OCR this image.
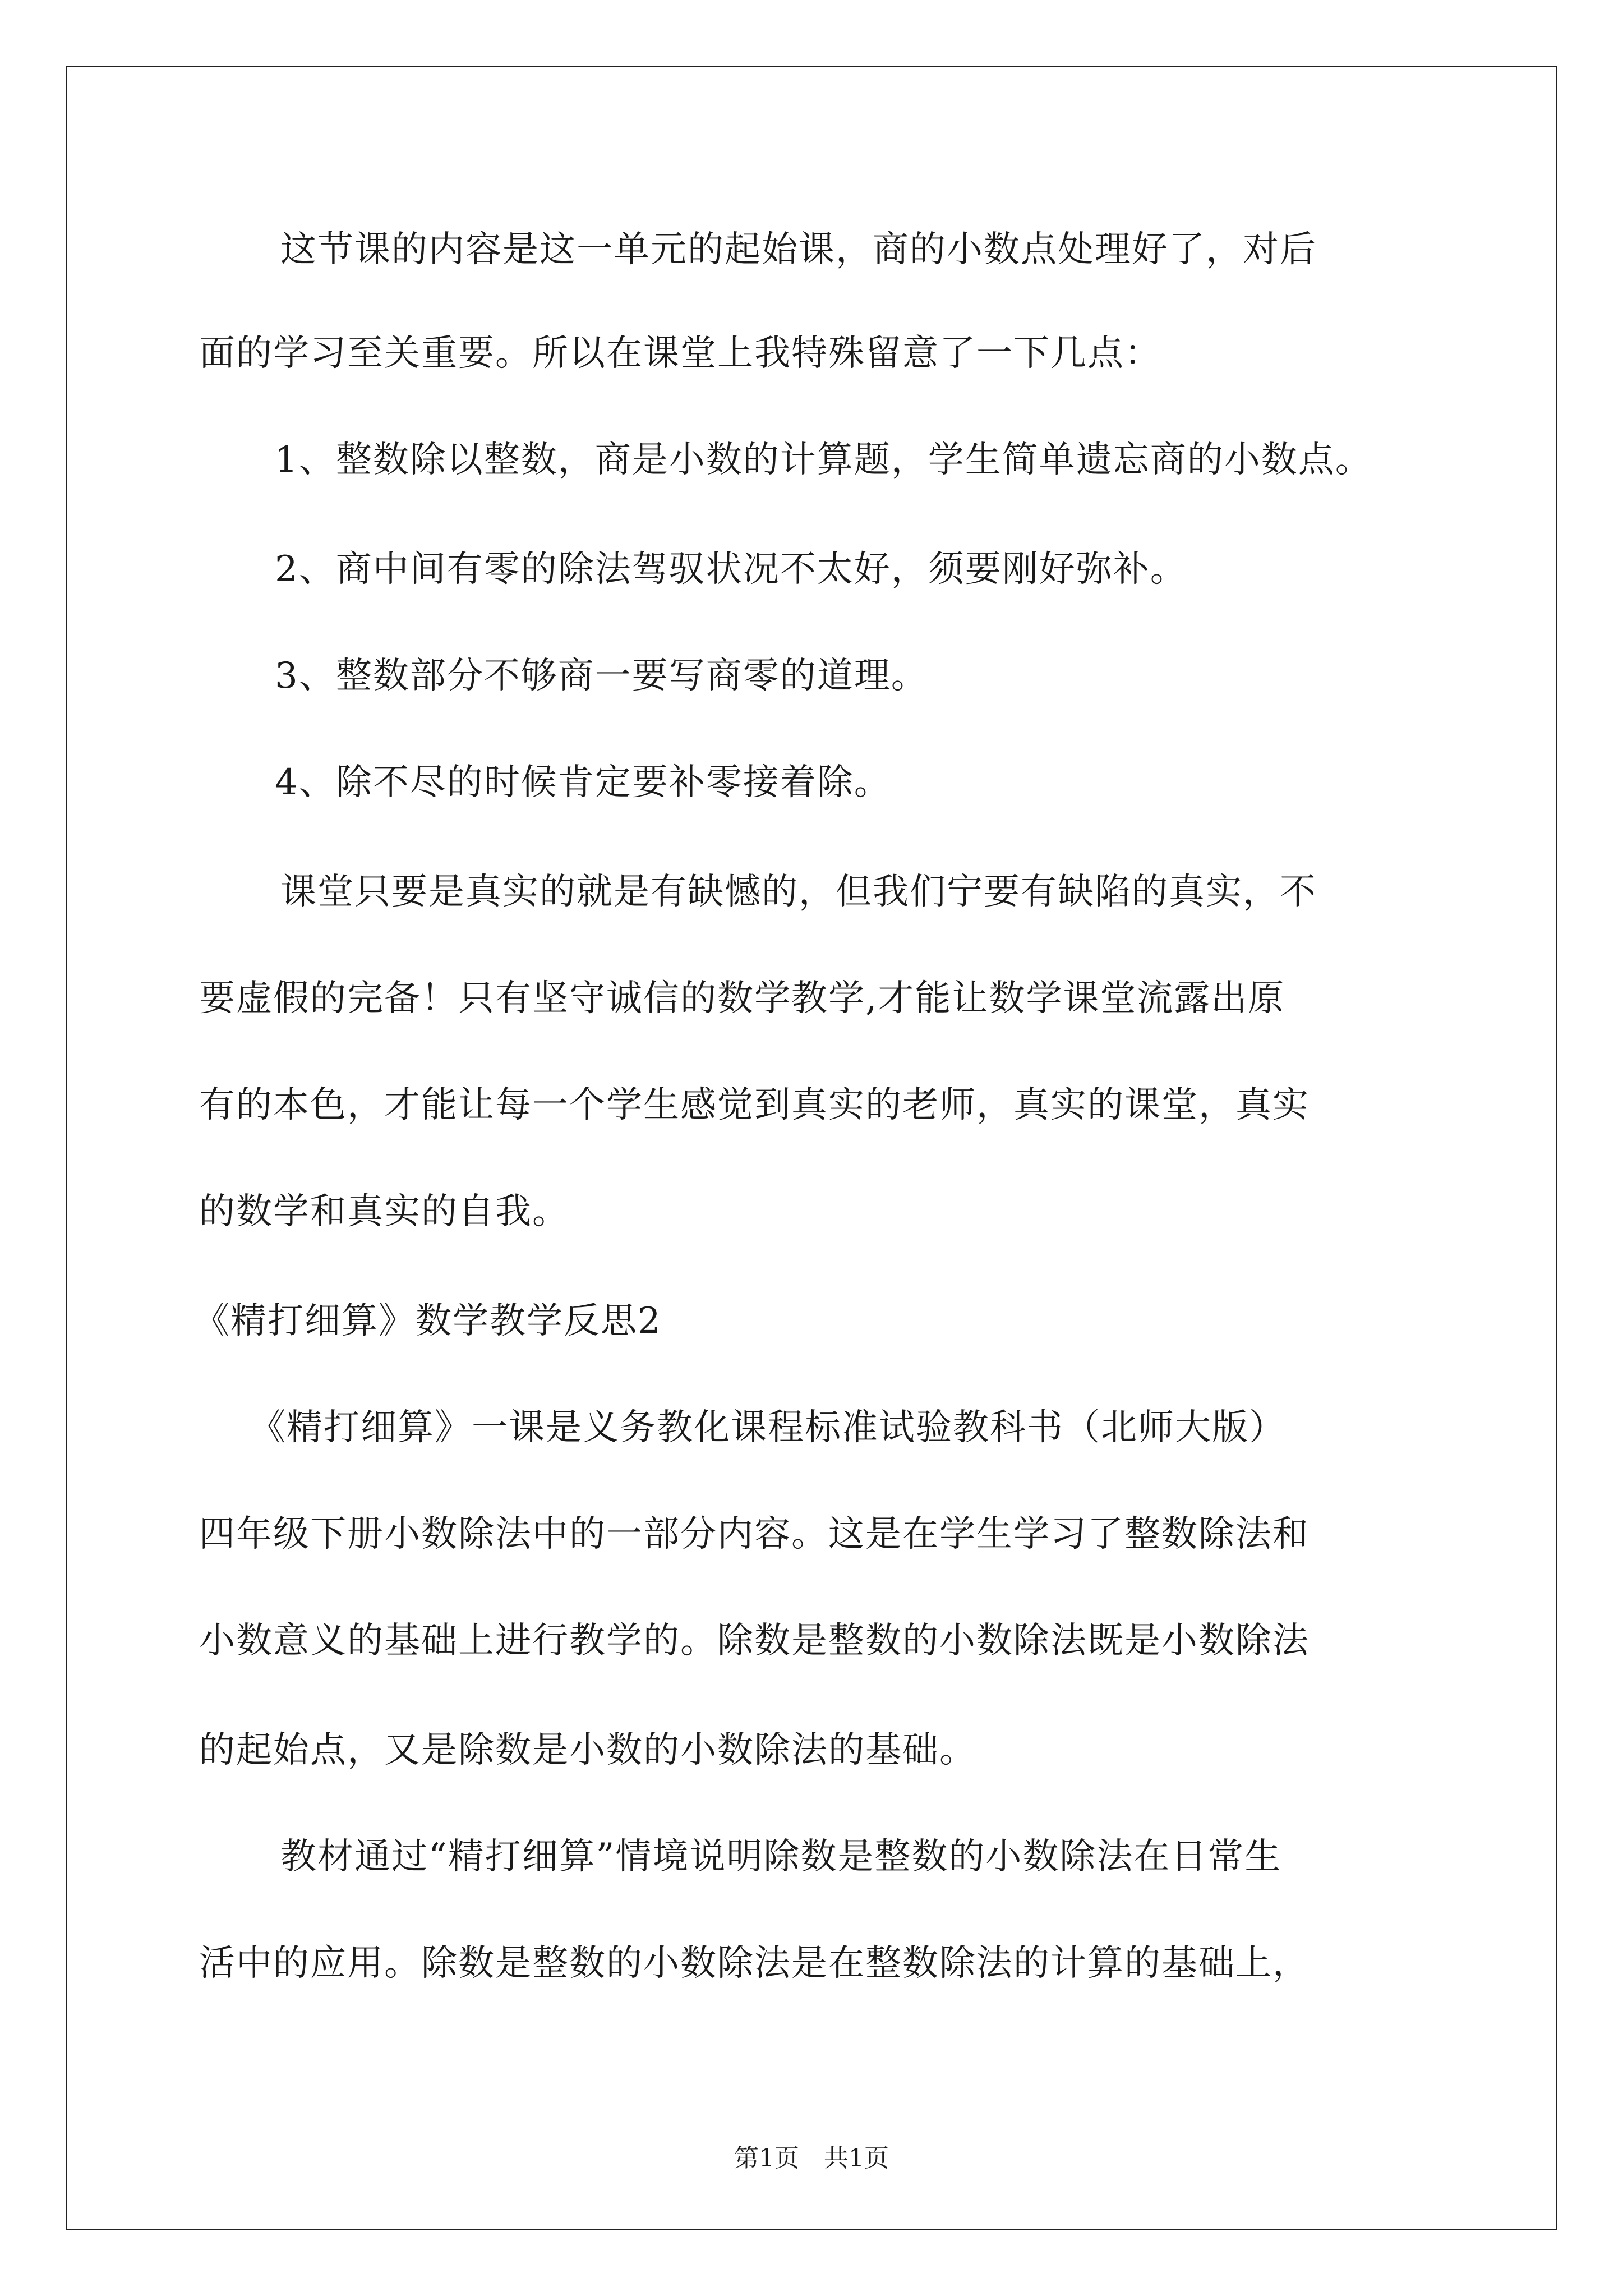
这节课的内容是这一单元的起始课，商的小数点处理好了，对后
面的学习至关重要。所以在课堂上我特殊留意了一下几点：
1、整数除以整数，商是小数的计算题，学生简单遗忘商的小数点。
2、商中间有零的除法驾驭状况不太好，须要刚好弥补。
3、整数部分不够商一要写商零的道理。
4、除不尽的时候肯定要补零接着除。
课堂只要是真实的就是有缺憾的，但我们宁要有缺陷的真实，不
要虚假的完备！只有坚守诚信的数学教学,才能让数学课堂流露出原
有的本色，才能让每一个学生感觉到真实的老师，真实的课堂，真实
的数学和真实的自我。
《精打细算》数学教学反思2
《精打细算》一课是义务教化课程标准试验教科书（北师大版）
四年级下册小数除法中的一部分内容。这是在学生学习了整数除法和
小数意义的基础上进行教学的。除数是整数的小数除法既是小数除法
的起始点，又是除数是小数的小数除法的基础。
教材通过“精打细算”情境说明除数是整数的小数除法在日常生
活中的应用。除数是整数的小数除法是在整数除法的计算的基础上，
第1页　共1页
